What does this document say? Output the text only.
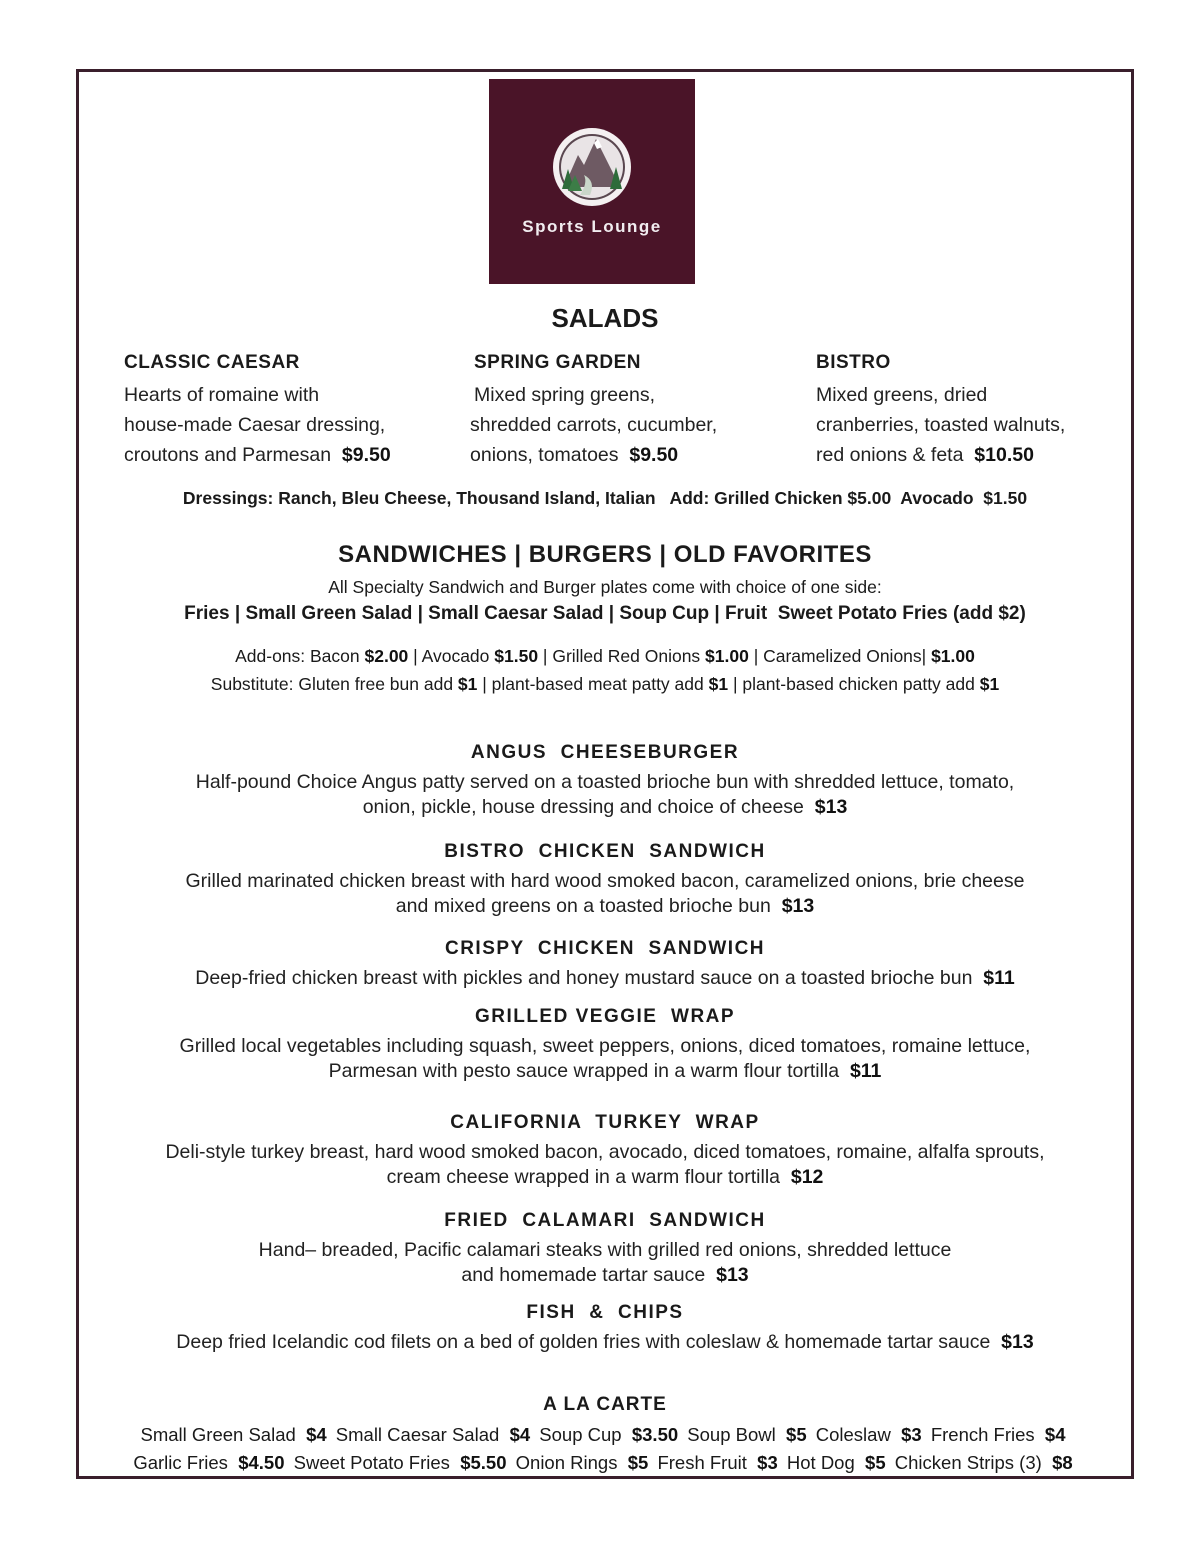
Sports Lounge
SALADS
CLASSIC CAESAR
Hearts of romaine with
house-made Caesar dressing,
croutons and Parmesan $9.50
SPRING GARDEN
Mixed spring greens,
shredded carrots, cucumber,
onions, tomatoes $9.50
BISTRO
Mixed greens, dried
cranberries, toasted walnuts,
red onions & feta $10.50
Dressings: Ranch, Bleu Cheese, Thousand Island, Italian   Add: Grilled Chicken $5.00  Avocado  $1.50
SANDWICHES | BURGERS | OLD FAVORITES
All Specialty Sandwich and Burger plates come with choice of one side:
Fries | Small Green Salad | Small Caesar Salad | Soup Cup | Fruit  Sweet Potato Fries (add $2)
Add-ons: Bacon $2.00 | Avocado $1.50 | Grilled Red Onions $1.00 | Caramelized Onions| $1.00
Substitute: Gluten free bun add $1 | plant-based meat patty add $1 | plant-based chicken patty add $1
ANGUS  CHEESEBURGER
Half-pound Choice Angus patty served on a toasted brioche bun with shredded lettuce, tomato,
onion, pickle, house dressing and choice of cheese $13
BISTRO  CHICKEN  SANDWICH
Grilled marinated chicken breast with hard wood smoked bacon, caramelized onions, brie cheese
and mixed greens on a toasted brioche bun $13
CRISPY  CHICKEN  SANDWICH
Deep-fried chicken breast with pickles and honey mustard sauce on a toasted brioche bun $11
GRILLED VEGGIE  WRAP
Grilled local vegetables including squash, sweet peppers, onions, diced tomatoes, romaine lettuce,
Parmesan with pesto sauce wrapped in a warm flour tortilla $11
CALIFORNIA  TURKEY  WRAP
Deli-style turkey breast, hard wood smoked bacon, avocado, diced tomatoes, romaine, alfalfa sprouts,
cream cheese wrapped in a warm flour tortilla $12
FRIED  CALAMARI  SANDWICH
Hand– breaded, Pacific calamari steaks with grilled red onions, shredded lettuce
and homemade tartar sauce $13
FISH  &  CHIPS
Deep fried Icelandic cod filets on a bed of golden fries with coleslaw & homemade tartar sauce $13
A LA CARTE
Small Green Salad $4 Small Caesar Salad $4 Soup Cup $3.50 Soup Bowl $5 Coleslaw $3 French Fries $4
Garlic Fries $4.50 Sweet Potato Fries $5.50 Onion Rings $5 Fresh Fruit $3 Hot Dog $5 Chicken Strips (3) $8
